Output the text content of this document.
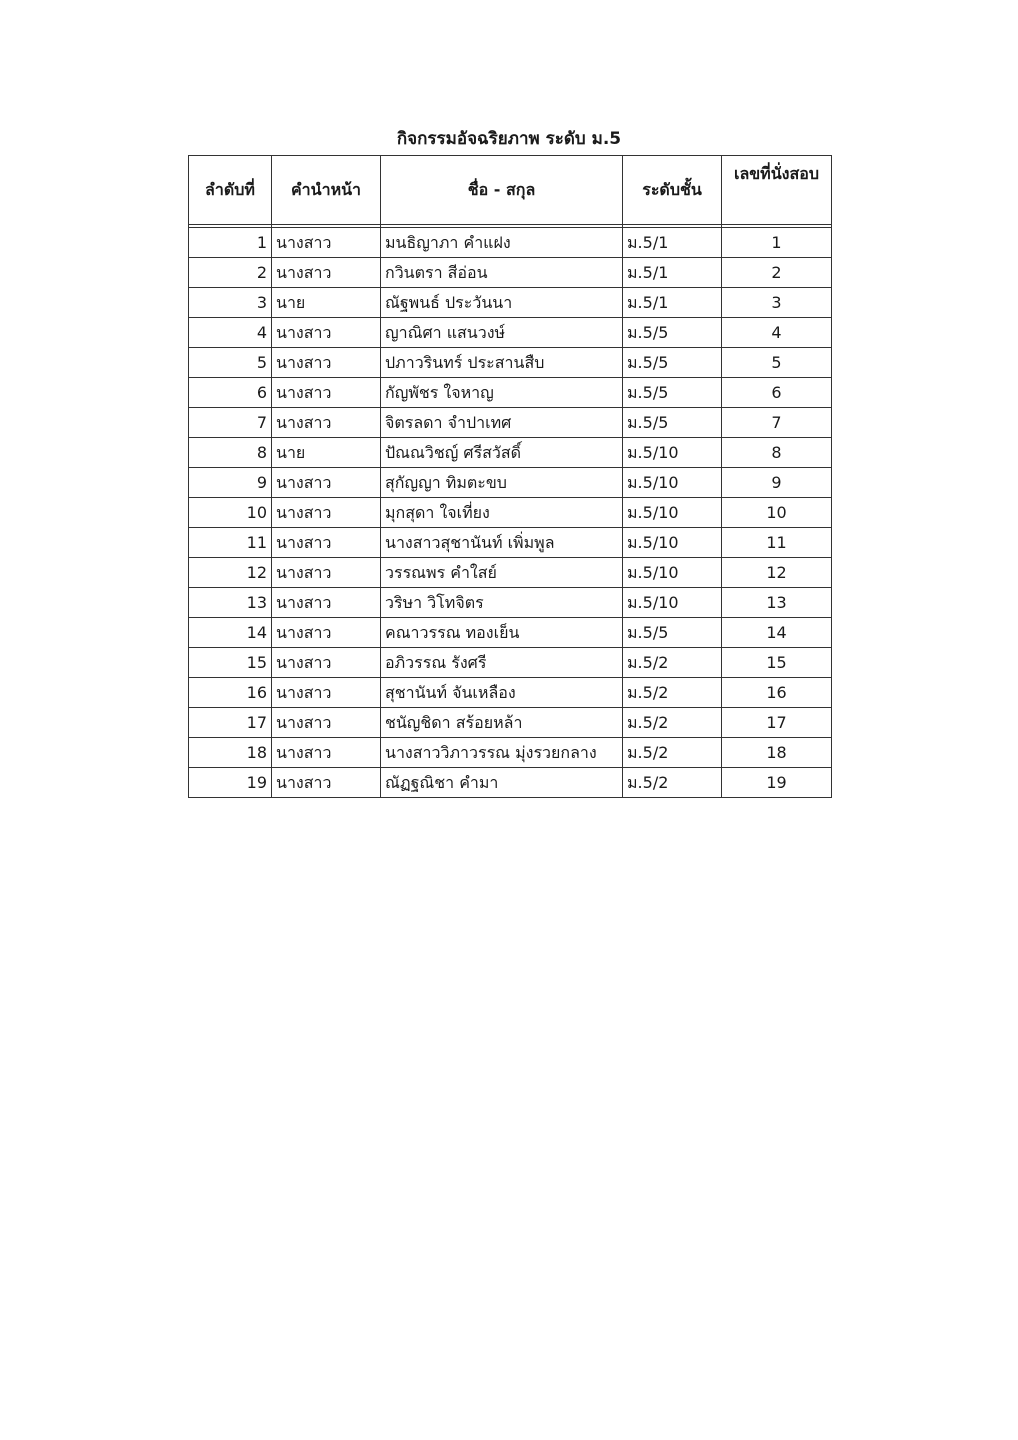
กิจกรรมอัจฉริยภาพ ระดับ ม.5
ลำดับที่	คำนำหน้า	ชื่อ - สกุล	ระดับชั้น	เลขที่นั่งสอบ

1	นางสาว	มนธิญาภา คำแฝง	ม.5/1	1
2	นางสาว	กวินตรา สีอ่อน	ม.5/1	2
3	นาย	ณัฐพนธ์ ประวันนา	ม.5/1	3
4	นางสาว	ญาณิศา แสนวงษ์	ม.5/5	4
5	นางสาว	ปภาวรินทร์ ประสานสืบ	ม.5/5	5
6	นางสาว	กัญพัชร ใจหาญ	ม.5/5	6
7	นางสาว	จิตรลดา จำปาเทศ	ม.5/5	7
8	นาย	ปัณณวิชญ์ ศรีสวัสดิ์	ม.5/10	8
9	นางสาว	สุกัญญา ทิมตะขบ	ม.5/10	9
10	นางสาว	มุกสุดา ใจเที่ยง	ม.5/10	10
11	นางสาว	นางสาวสุชานันท์ เพิ่มพูล	ม.5/10	11
12	นางสาว	วรรณพร คำใสย์	ม.5/10	12
13	นางสาว	วริษา วิโทจิตร	ม.5/10	13
14	นางสาว	คณาวรรณ ทองเย็น	ม.5/5	14
15	นางสาว	อภิวรรณ รังศรี	ม.5/2	15
16	นางสาว	สุชานันท์ จันเหลือง	ม.5/2	16
17	นางสาว	ชนัญชิดา สร้อยหล้า	ม.5/2	17
18	นางสาว	นางสาววิภาวรรณ มุ่งรวยกลาง	ม.5/2	18
19	นางสาว	ณัฏฐณิชา คำมา	ม.5/2	19
